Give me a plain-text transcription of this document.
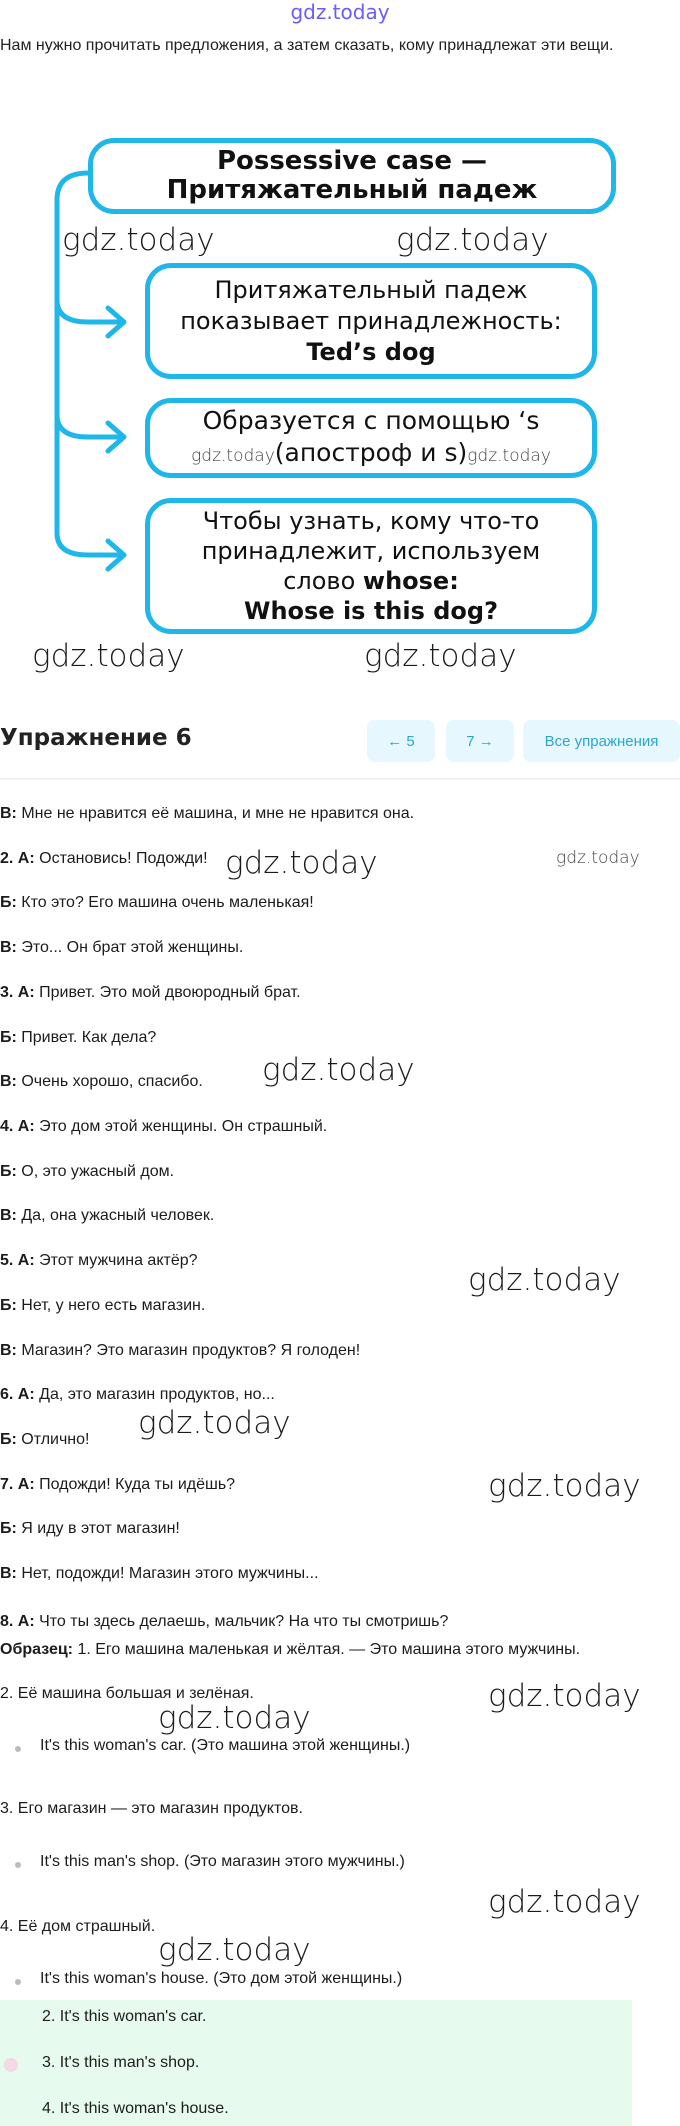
gdz.today
Нам нужно прочитать предложения, а затем сказать, кому принадлежат эти вещи.
Possessive case — Притяжательный падеж
gdz.today	gdz.today
Притяжательный падеж
показывает принадлежность:
Ted’s dog
Образуется с помощью ‘s
gdz.today(апостроф и s)gdz.today
Чтобы узнать, кому что-то
принадлежит, используем
слово whose:
Whose is this dog?
gdz.today	gdz.today
Упражнение 6	← 5	7 →	Все упражнения
В: Мне не нравится её машина, и мне не нравится она.
2. А: Остановись! Подожди!
Б: Кто это? Его машина очень маленькая!
В: Это... Он брат этой женщины.
3. А: Привет. Это мой двоюродный брат.
Б: Привет. Как дела?
В: Очень хорошо, спасибо.
4. А: Это дом этой женщины. Он страшный.
Б: О, это ужасный дом.
В: Да, она ужасный человек.
5. А: Этот мужчина актёр?
Б: Нет, у него есть магазин.
В: Магазин? Это магазин продуктов? Я голоден!
6. А: Да, это магазин продуктов, но...
Б: Отлично!
7. А: Подожди! Куда ты идёшь?
Б: Я иду в этот магазин!
В: Нет, подожди! Магазин этого мужчины...
8. А: Что ты здесь делаешь, мальчик? На что ты смотришь?
gdz.today	gdz.today
gdz.today
gdz.today
gdz.today
gdz.today
gdz.today
gdz.today
gdz.today
gdz.today
Образец: 1. Его машина маленькая и жёлтая. — Это машина этого мужчины.
2. Её машина большая и зелёная.
It's this woman's car. (Это машина этой женщины.)
3. Его магазин — это магазин продуктов.
It's this man's shop. (Это магазин этого мужчины.)
4. Её дом страшный.
It's this woman's house. (Это дом этой женщины.)
2. It's this woman's car.
3. It's this man's shop.
4. It's this woman's house.
